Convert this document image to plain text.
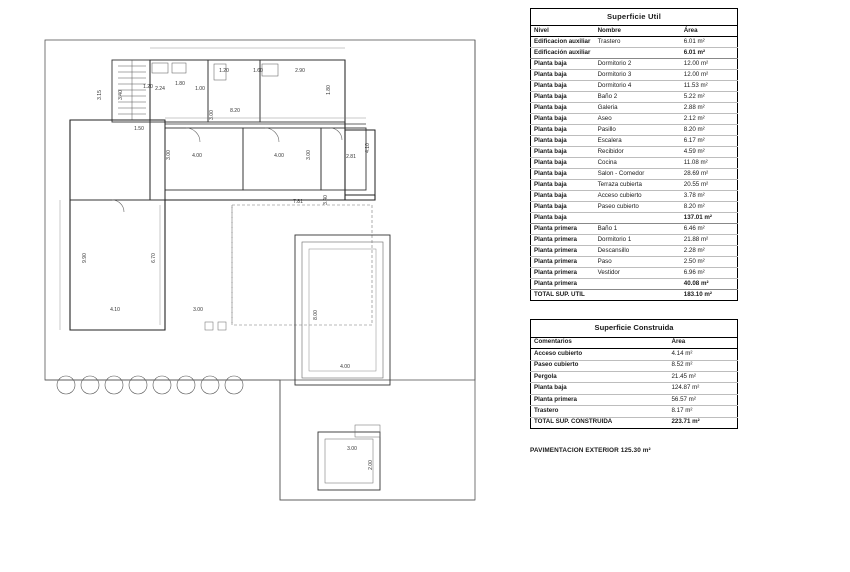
3.15	3.40
1.20	1.80
1.20	1.60	2.90
2.24	1.00	1.80
8.20
3.00
1.50
3.00	4.00	4.00	3.00	2.81
4.10
7.81	3.40
9.90	6.70
8.00
4.10	3.00
4.00
3.00
2.00
Superficie Util
Nivel	Nombre	Área
Edificacion auxiliar	Trastero	6.01 m²
Edificación auxiliar		6.01 m²
Planta baja	Dormitorio 2	12.00 m²
Planta baja	Dormitorio 3	12.00 m²
Planta baja	Dormitorio 4	11.53 m²
Planta baja	Baño 2	5.22 m²
Planta baja	Galeria	2.88 m²
Planta baja	Aseo	2.12 m²
Planta baja	Pasillo	8.20 m²
Planta baja	Escalera	6.17 m²
Planta baja	Recibidor	4.59 m²
Planta baja	Cocina	11.08 m²
Planta baja	Salon - Comedor	28.69 m²
Planta baja	Terraza cubierta	20.55 m²
Planta baja	Acceso cubierto	3.78 m²
Planta baja	Paseo cubierto	8.20 m²
Planta baja		137.01 m²
Planta primera	Baño 1	6.46 m²
Planta primera	Dormitorio 1	21.88 m²
Planta primera	Descansillo	2.28 m²
Planta primera	Paso	2.50 m²
Planta primera	Vestidor	6.96 m²
Planta primera		40.08 m²
TOTAL SUP. UTIL		183.10 m²
Superficie Construida
Comentarios	Área
Acceso cubierto	4.14 m²
Paseo cubierto	8.52 m²
Pergola	21.45 m²
Planta baja	124.87 m²
Planta primera	56.57 m²
Trastero	8.17 m²
TOTAL SUP. CONSTRUIDA	223.71 m²
PAVIMENTACION EXTERIOR 125.30 m²
